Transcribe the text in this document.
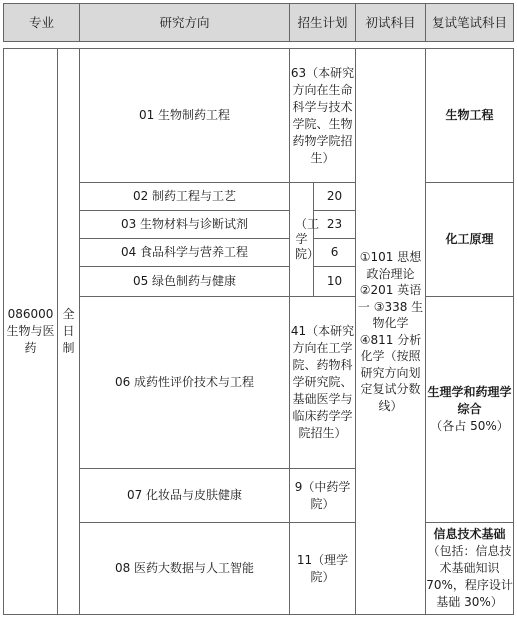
专业		研究方向	招生计划		初试科目	复试笔试科目

086000 生物与医药	全日制	01 生物制药工程	63（本研究方向在生命科学与技术学院、生物药物学院招生）		①101 思想政治理论 ②201 英语一 ③338 生物化学 ④811 分析化学（按照研究方向划定复试分数线）	生物工程
		02 制药工程与工艺	（工学院）	20		化工原理
		03 生物材料与诊断试剂		23		
		04 食品科学与营养工程		6		
		05 绿色制药与健康		10		
		06 成药性评价技术与工程	41（本研究方向在工学院、药物科学研究院、基础医学与临床药学学院招生）			生理学和药理学综合
（各占 50%）
		07 化妆品与皮肤健康	9（中药学院）			
		08 医药大数据与人工智能	11（理学院）			信息技术基础
（包括：信息技术基础知识 70%，程序设计基础 30%）
